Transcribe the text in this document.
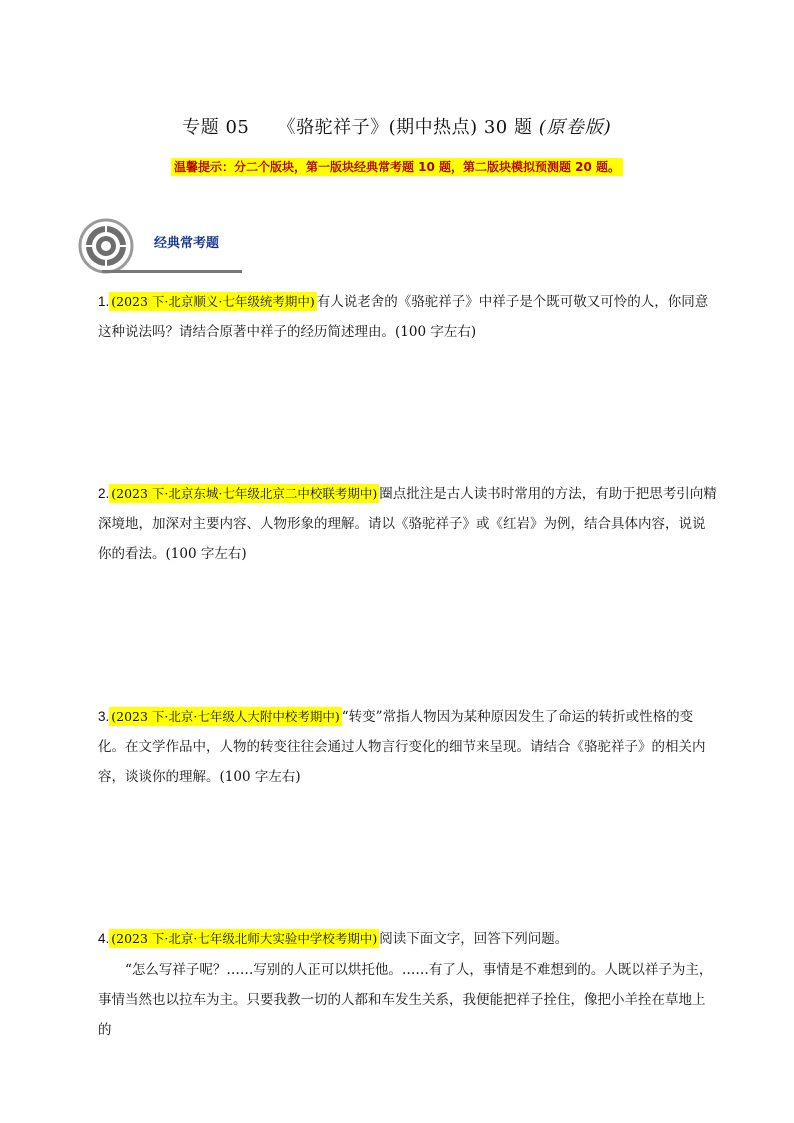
专题 05 《骆驼祥子》(期中热点) 30 题 (原卷版)
温馨提示：分二个版块，第一版块经典常考题 10 题，第二版块模拟预测题 20 题。
经典常考题
1. (2023 下·北京顺义·七年级统考期中) 有人说老舍的《骆驼祥子》中祥子是个既可敬又可怜的人，你同意这种说法吗？请结合原著中祥子的经历简述理由。(100 字左右)
2. (2023 下·北京东城·七年级北京二中校联考期中) 圈点批注是古人读书时常用的方法，有助于把思考引向精深境地，加深对主要内容、人物形象的理解。请以《骆驼祥子》或《红岩》为例，结合具体内容，说说你的看法。(100 字左右)
3. (2023 下·北京·七年级人大附中校考期中) “转变”常指人物因为某种原因发生了命运的转折或性格的变化。在文学作品中，人物的转变往往会通过人物言行变化的细节来呈现。请结合《骆驼祥子》的相关内容，谈谈你的理解。(100 字左右)
4. (2023 下·北京·七年级北师大实验中学校考期中) 阅读下面文字，回答下列问题。
“怎么写祥子呢？……写别的人正可以烘托他。……有了人，事情是不难想到的。人既以祥子为主，事情当然也以拉车为主。只要我教一切的人都和车发生关系，我便能把祥子拴住，像把小羊拴在草地上的
